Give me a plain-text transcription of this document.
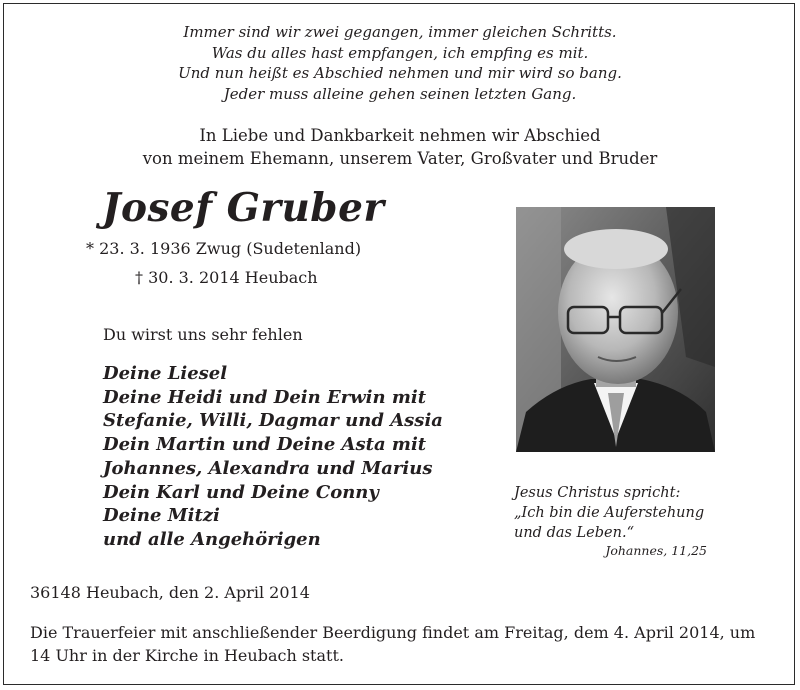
Immer sind wir zwei gegangen, immer gleichen Schritts.
Was du alles hast empfangen, ich empfing es mit.
Und nun heißt es Abschied nehmen und mir wird so bang.
Jeder muss alleine gehen seinen letzten Gang.
In Liebe und Dankbarkeit nehmen wir Abschied
von meinem Ehemann, unserem Vater, Großvater und Bruder
Josef Gruber
* 23. 3. 1936 Zwug (Sudetenland)
† 30. 3. 2014 Heubach
Du wirst uns sehr fehlen
Deine Liesel
Deine Heidi und Dein Erwin mit
Stefanie, Willi, Dagmar und Assia
Dein Martin und Deine Asta mit
Johannes, Alexandra und Marius
Dein Karl und Deine Conny
Deine Mitzi
und alle Angehörigen
Jesus Christus spricht:
„Ich bin die Auferstehung
und das Leben.“
Johannes, 11,25
36148 Heubach, den 2. April 2014
Die Trauerfeier mit anschließender Beerdigung findet am Freitag, dem 4. April 2014, um 14 Uhr in der Kirche in Heubach statt.
